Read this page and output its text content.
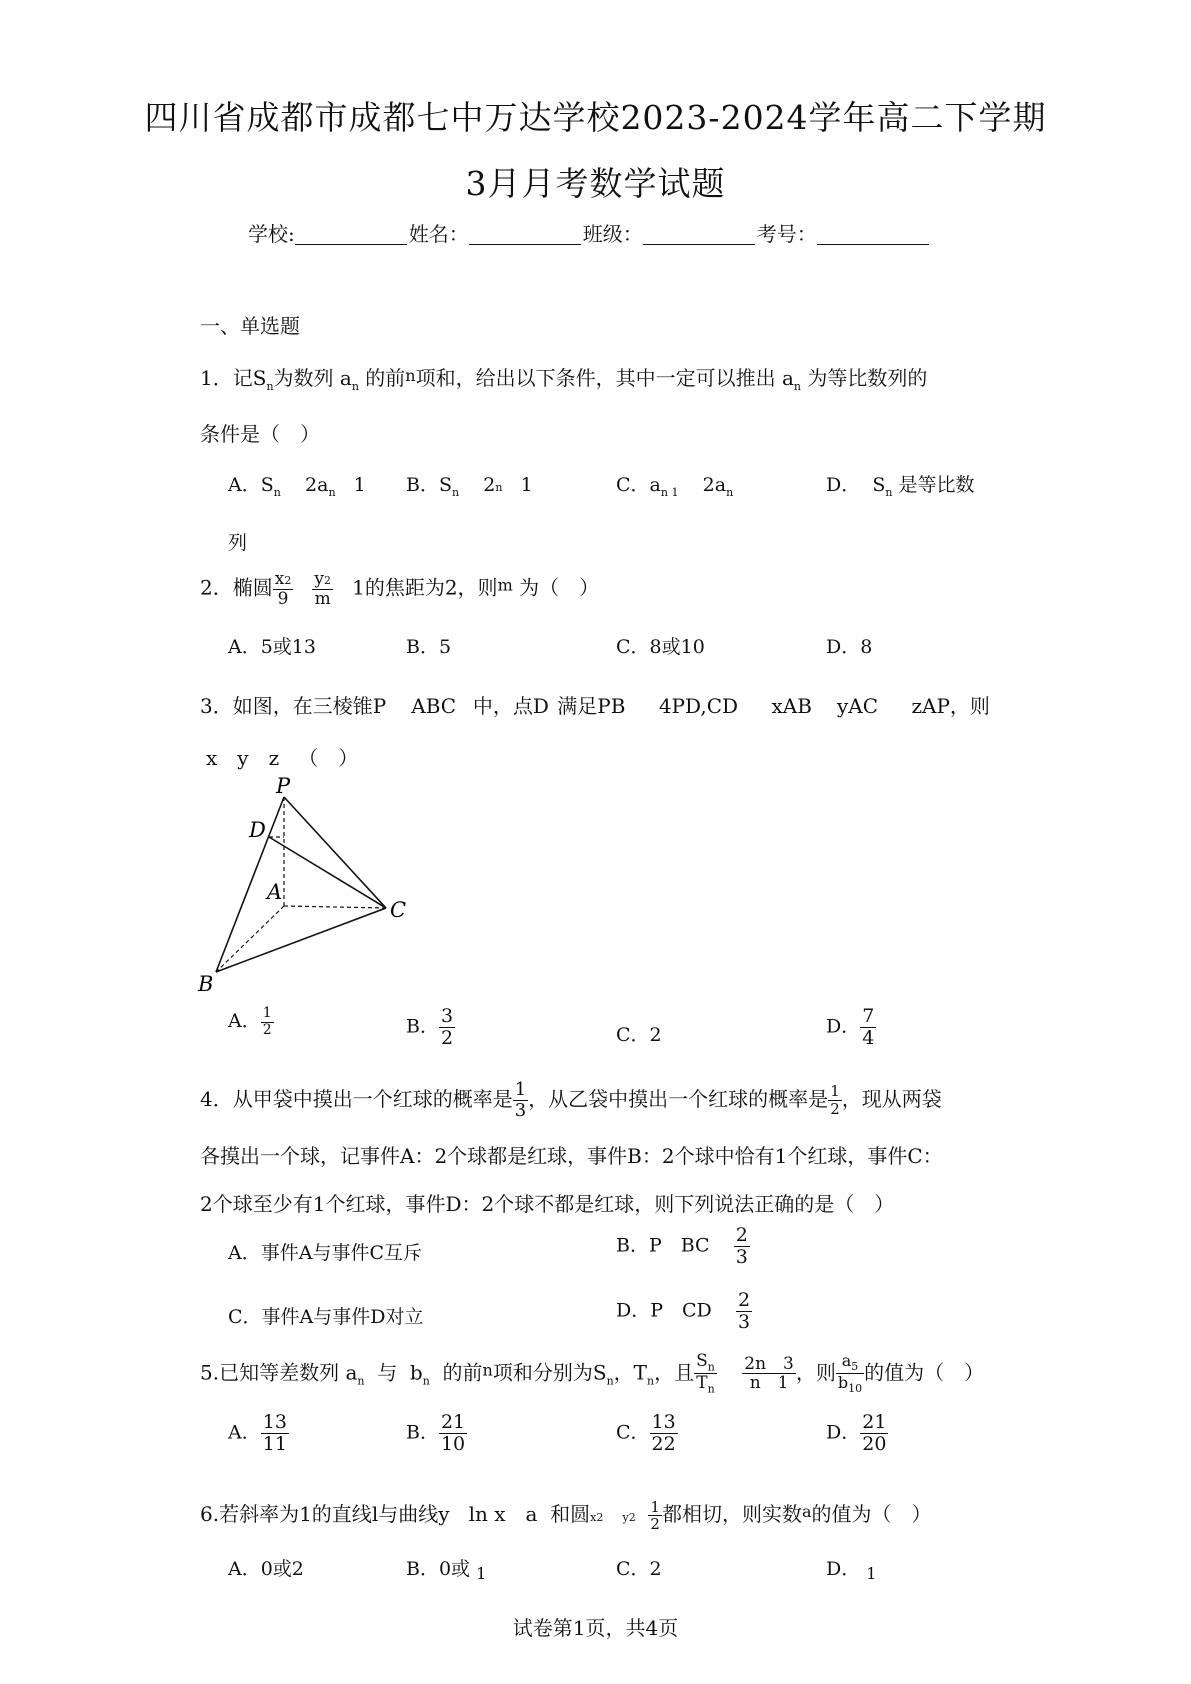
四川省成都市成都七中万达学校2023-2024学年高二下学期
3月月考数学试题
学校:	姓名：	班级：	考号：
一、单选题
1．记$S_n$为数列 $a_n$ 的前$^n$项和，给出以下条件，其中一定可以推出 $a_n$ 为等比数列的
条件是（　）
A．$S_n$ $2a_n$ 1 B．$S_n$ 2n 1	C．$a_{n 1}$ $2a_n$	D． $S_n$ 是等比数
列
2．椭圆 $\frac{x2}{9}$
$\frac{y2}{m} 1$的焦距为2，则$^m$ 为（　）
A．5或13	B．5	C．8或10	D．8
3．如图，在三棱锥P ABC 中，点D 满足PB 4PD,CD xAB yAC zAP，则
x　y　z （　）
P
D
A
C
B
A． $\frac{1}{2}$	B． $\frac{3}{2}$	C．2	D． $\frac{7}{4}$
4．从甲袋中摸出一个红球的概率是 $\frac{1}{3}$ ，从乙袋中摸出一个红球的概率是 $\frac{1}{2}$ ，现从两袋
各摸出一个球，记事件A：2个球都是红球，事件B：2个球中恰有1个红球，事件C：
2个球至少有1个红球，事件D：2个球不都是红球，则下列说法正确的是（　）
A．事件A与事件C互斥	B．P　BC $\frac{2}{3}$
C．事件A与事件D对立	D．P　CD $\frac{2}{3}$
5.已知等差数列 $a_n$ 与 $b_n$ 的前$^n$项和分别为$S_n$，$T_n$，且 $\frac{S_n}{T_n}$
$\frac{2n 3}{n 1}$ ，则 $\frac{a_5}{b_{10}}$ 的值为（　）
A． $\frac{13}{11}$	B． $\frac{21}{10}$	C． $\frac{13}{22}$	D． $\frac{21}{20}$
6.若斜率为1的直线l与曲线y ln x　a 和圆x2 $y2 \frac{1}{2}$ 都相切，则实数$^a$的值为（　）
A．0或2	B．0或 $_1$	C．2	D． $_1$
试卷第1页，共4页
